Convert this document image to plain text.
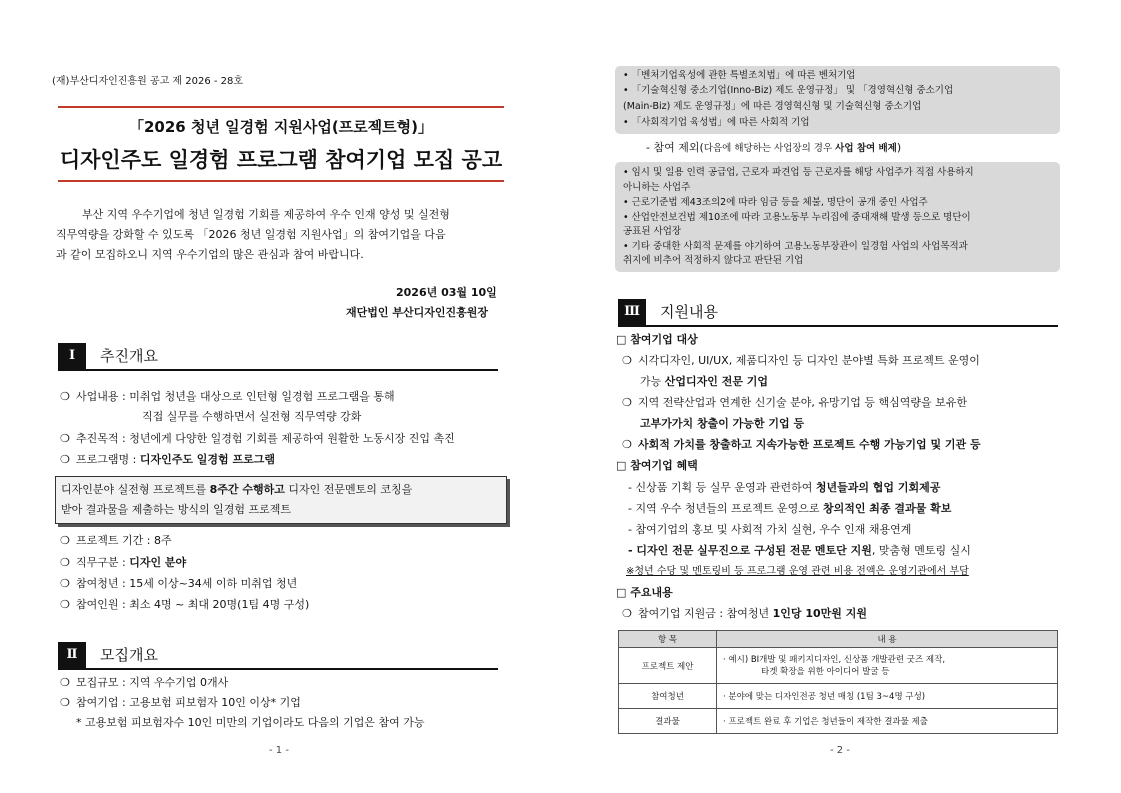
(재)부산디자인진흥원 공고 제 2026 - 28호
「2026 청년 일경험 지원사업(프로젝트형)」
디자인주도 일경험 프로그램 참여기업 모집 공고
부산 지역 우수기업에 청년 일경험 기회를 제공하여 우수 인재 양성 및 실전형
직무역량을 강화할 수 있도록 「2026 청년 일경험 지원사업」의 참여기업을 다음
과 같이 모집하오니 지역 우수기업의 많은 관심과 참여 바랍니다.
2026년 03월 10일
재단법인 부산디자인진흥원장
Ⅰ	추진개요
❍ 사업내용 : 미취업 청년을 대상으로 인턴형 일경험 프로그램을 통해
직접 실무를 수행하면서 실전형 직무역량 강화
❍ 추진목적 : 청년에게 다양한 일경험 기회를 제공하여 원활한 노동시장 진입 촉진
❍ 프로그램명 : 디자인주도 일경험 프로그램
디자인분야 실전형 프로젝트를 8주간 수행하고 디자인 전문멘토의 코칭을
받아 결과물을 제출하는 방식의 일경험 프로젝트
❍ 프로젝트 기간 : 8주
❍ 직무구분 : 디자인 분야
❍ 참여청년 : 15세 이상~34세 이하 미취업 청년
❍ 참여인원 : 최소 4명 ~ 최대 20명(1팀 4명 구성)
Ⅱ	모집개요
❍ 모집규모 : 지역 우수기업 0개사
❍ 참여기업 : 고용보험 피보험자 10인 이상* 기업
* 고용보험 피보험자수 10인 미만의 기업이라도 다음의 기업은 참여 가능
- 1 -
• 「벤처기업육성에 관한 특별조치법」에 따른 벤처기업
• 「기술혁신형 중소기업(Inno-Biz) 제도 운영규정」 및 「경영혁신형 중소기업
(Main-Biz) 제도 운영규정」에 따른 경영혁신형 및 기술혁신형 중소기업
• 「사회적기업 육성법」에 따른 사회적 기업
- 참여 제외(다음에 해당하는 사업장의 경우 사업 참여 배제)
• 임시 및 일용 인력 공급업, 근로자 파견업 등 근로자를 해당 사업주가 직접 사용하지
아니하는 사업주
• 근로기준법 제43조의2에 따라 임금 등을 체불, 명단이 공개 중인 사업주
• 산업안전보건법 제10조에 따라 고용노동부 누리집에 중대재해 발생 등으로 명단이
공표된 사업장
• 기타 중대한 사회적 문제를 야기하여 고용노동부장관이 일경험 사업의 사업목적과
취지에 비추어 적정하지 않다고 판단된 기업
Ⅲ	지원내용
□ 참여기업 대상
❍ 시각디자인, UI/UX, 제품디자인 등 디자인 분야별 특화 프로젝트 운영이
가능 산업디자인 전문 기업
❍ 지역 전략산업과 연계한 신기술 분야, 유망기업 등 핵심역량을 보유한
고부가가치 창출이 가능한 기업 등
❍ 사회적 가치를 창출하고 지속가능한 프로젝트 수행 가능기업 및 기관 등
□ 참여기업 혜택
- 신상품 기획 등 실무 운영과 관련하여 청년들과의 협업 기회제공
- 지역 우수 청년들의 프로젝트 운영으로 창의적인 최종 결과물 확보
- 참여기업의 홍보 및 사회적 가치 실현, 우수 인재 채용연계
- 디자인 전문 실무진으로 구성된 전문 멘토단 지원, 맞춤형 멘토링 실시
※청년 수당 및 멘토링비 등 프로그램 운영 관련 비용 전액은 운영기관에서 부담
□ 주요내용
❍ 참여기업 지원금 : 참여청년 1인당 10만원 지원
항 목	내 용
프로젝트 제안	· 예시) BI개발 및 패키지디자인, 신상품 개발관련 굿즈 제작,
타겟 확장을 위한 아이디어 발굴 등

참여청년	· 분야에 맞는 디자인전공 청년 매칭 (1팀 3~4명 구성)
결과물	· 프로젝트 완료 후 기업은 청년들이 제작한 결과물 제출
- 2 -
